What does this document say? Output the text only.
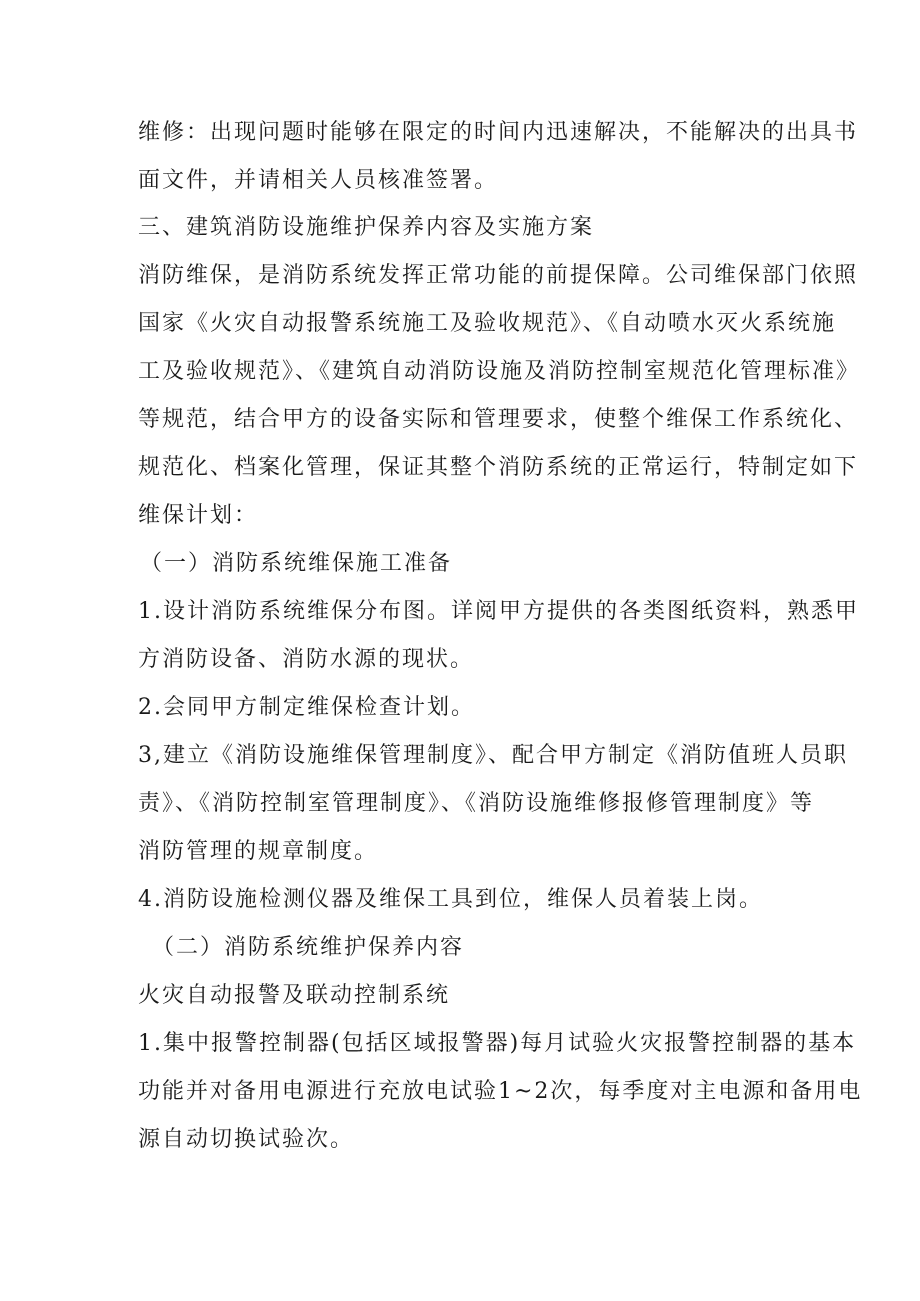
维修：出现问题时能够在限定的时间内迅速解决，不能解决的出具书
面文件，并请相关人员核准签署。
三、建筑消防设施维护保养内容及实施方案
消防维保，是消防系统发挥正常功能的前提保障。公司维保部门依照
国家《火灾自动报警系统施工及验收规范》、《自动喷水灭火系统施
工及验收规范》、《建筑自动消防设施及消防控制室规范化管理标准》
等规范，结合甲方的设备实际和管理要求，使整个维保工作系统化、
规范化、档案化管理，保证其整个消防系统的正常运行，特制定如下
维保计划：
（一）消防系统维保施工准备
1.设计消防系统维保分布图。详阅甲方提供的各类图纸资料，熟悉甲
方消防设备、消防水源的现状。
2.会同甲方制定维保检查计划。
3,建立《消防设施维保管理制度》、配合甲方制定《消防值班人员职
责》、《消防控制室管理制度》、《消防设施维修报修管理制度》等
消防管理的规章制度。
4.消防设施检测仪器及维保工具到位，维保人员着装上岗。
（二）消防系统维护保养内容
火灾自动报警及联动控制系统
1.集中报警控制器(包括区域报警器)每月试验火灾报警控制器的基本
功能并对备用电源进行充放电试验1~2次，每季度对主电源和备用电
源自动切换试验次。
